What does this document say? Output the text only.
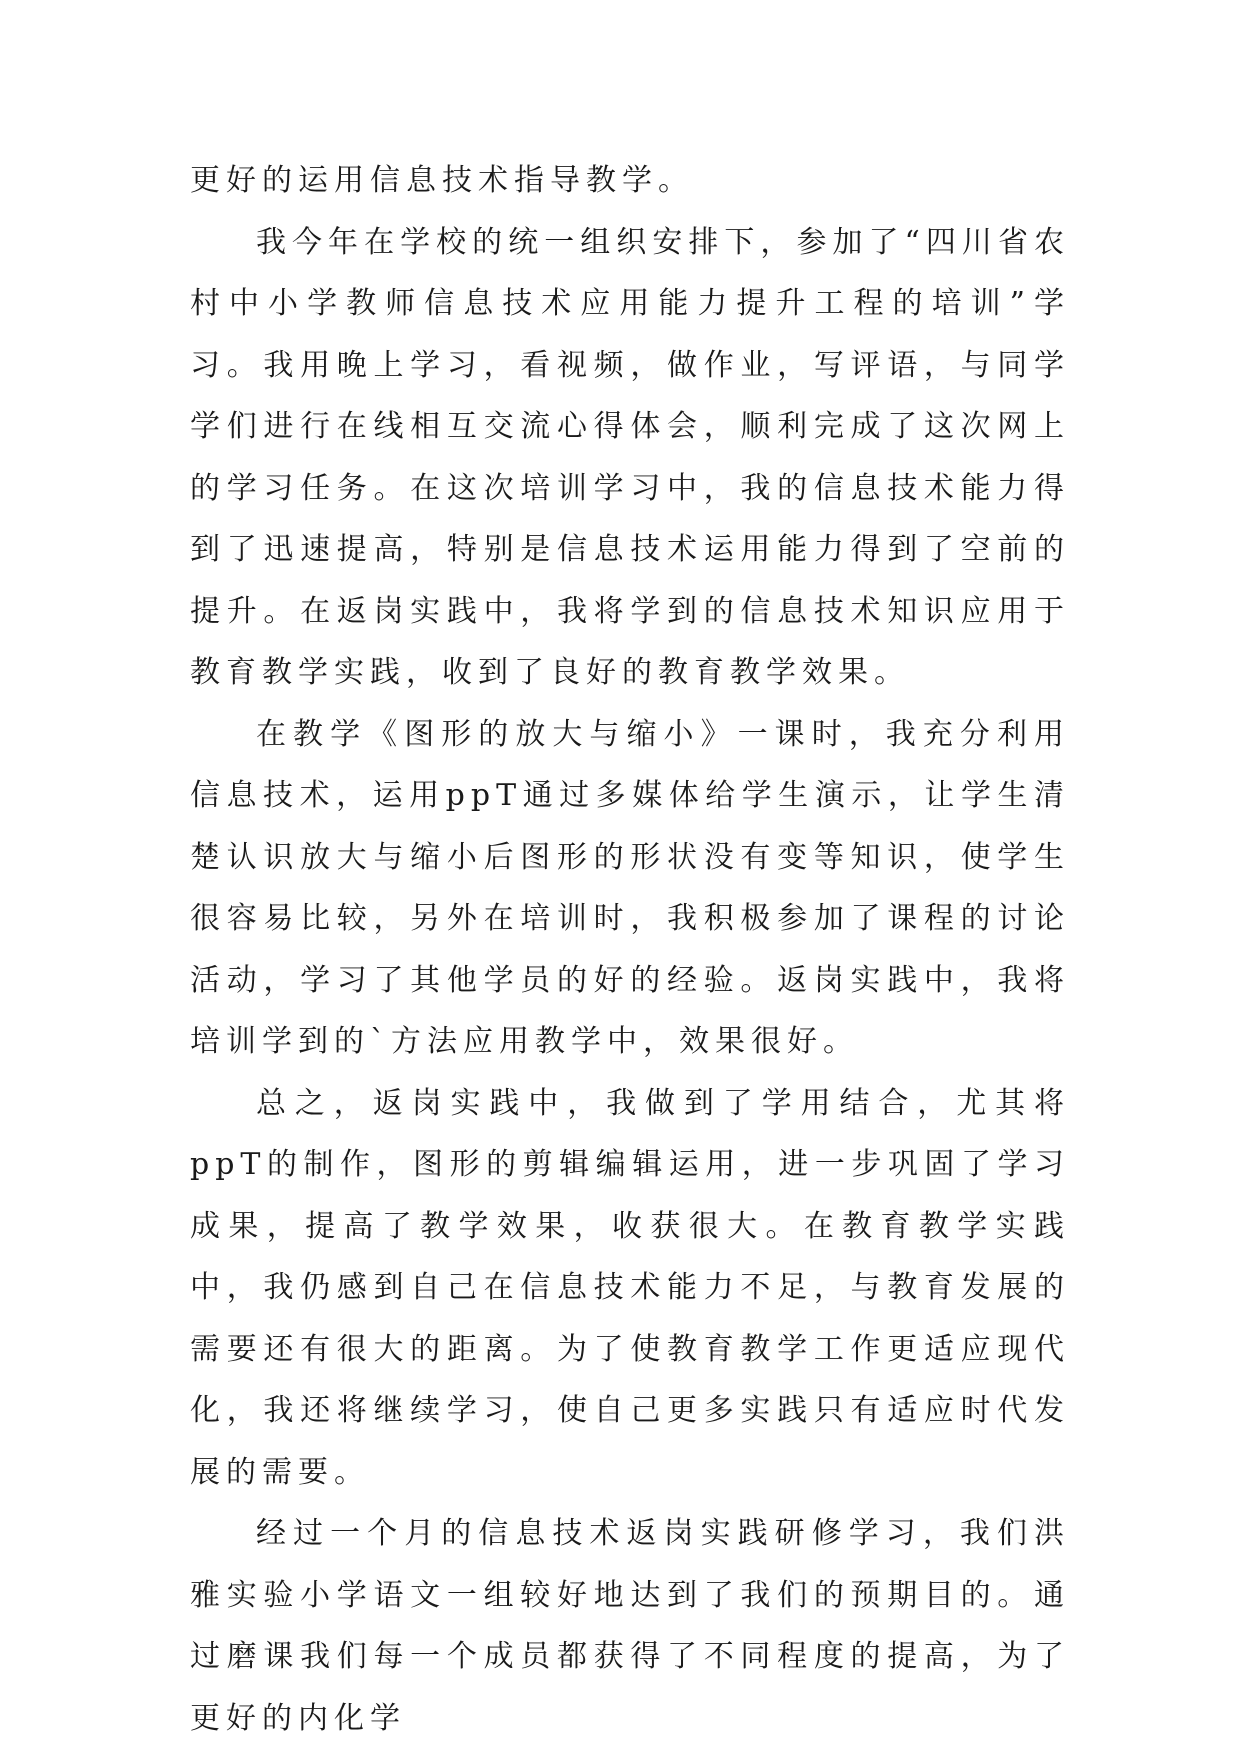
更好的运用信息技术指导教学。

我今年在学校的统一组织安排下，参加了“四川省农村中小学教师信息技术应用能力提升工程的培训”学习。我用晚上学习，看视频，做作业，写评语，与同学学们进行在线相互交流心得体会，顺利完成了这次网上的学习任务。在这次培训学习中，我的信息技术能力得到了迅速提高，特别是信息技术运用能力得到了空前的提升。在返岗实践中，我将学到的信息技术知识应用于教育教学实践，收到了良好的教育教学效果。

在教学《图形的放大与缩小》一课时，我充分利用信息技术，运用ppT通过多媒体给学生演示，让学生清楚认识放大与缩小后图形的形状没有变等知识，使学生很容易比较，另外在培训时，我积极参加了课程的讨论活动，学习了其他学员的好的经验。返岗实践中，我将培训学到的`方法应用教学中，效果很好。

总之，返岗实践中，我做到了学用结合，尤其将ppT的制作，图形的剪辑编辑运用，进一步巩固了学习成果，提高了教学效果，收获很大。在教育教学实践中，我仍感到自己在信息技术能力不足，与教育发展的需要还有很大的距离。为了使教育教学工作更适应现代化，我还将继续学习，使自己更多实践只有适应时代发展的需要。

经过一个月的信息技术返岗实践研修学习，我们洪雅实验小学语文一组较好地达到了我们的预期目的。通过磨课我们每一个成员都获得了不同程度的提高，为了更好的内化学
